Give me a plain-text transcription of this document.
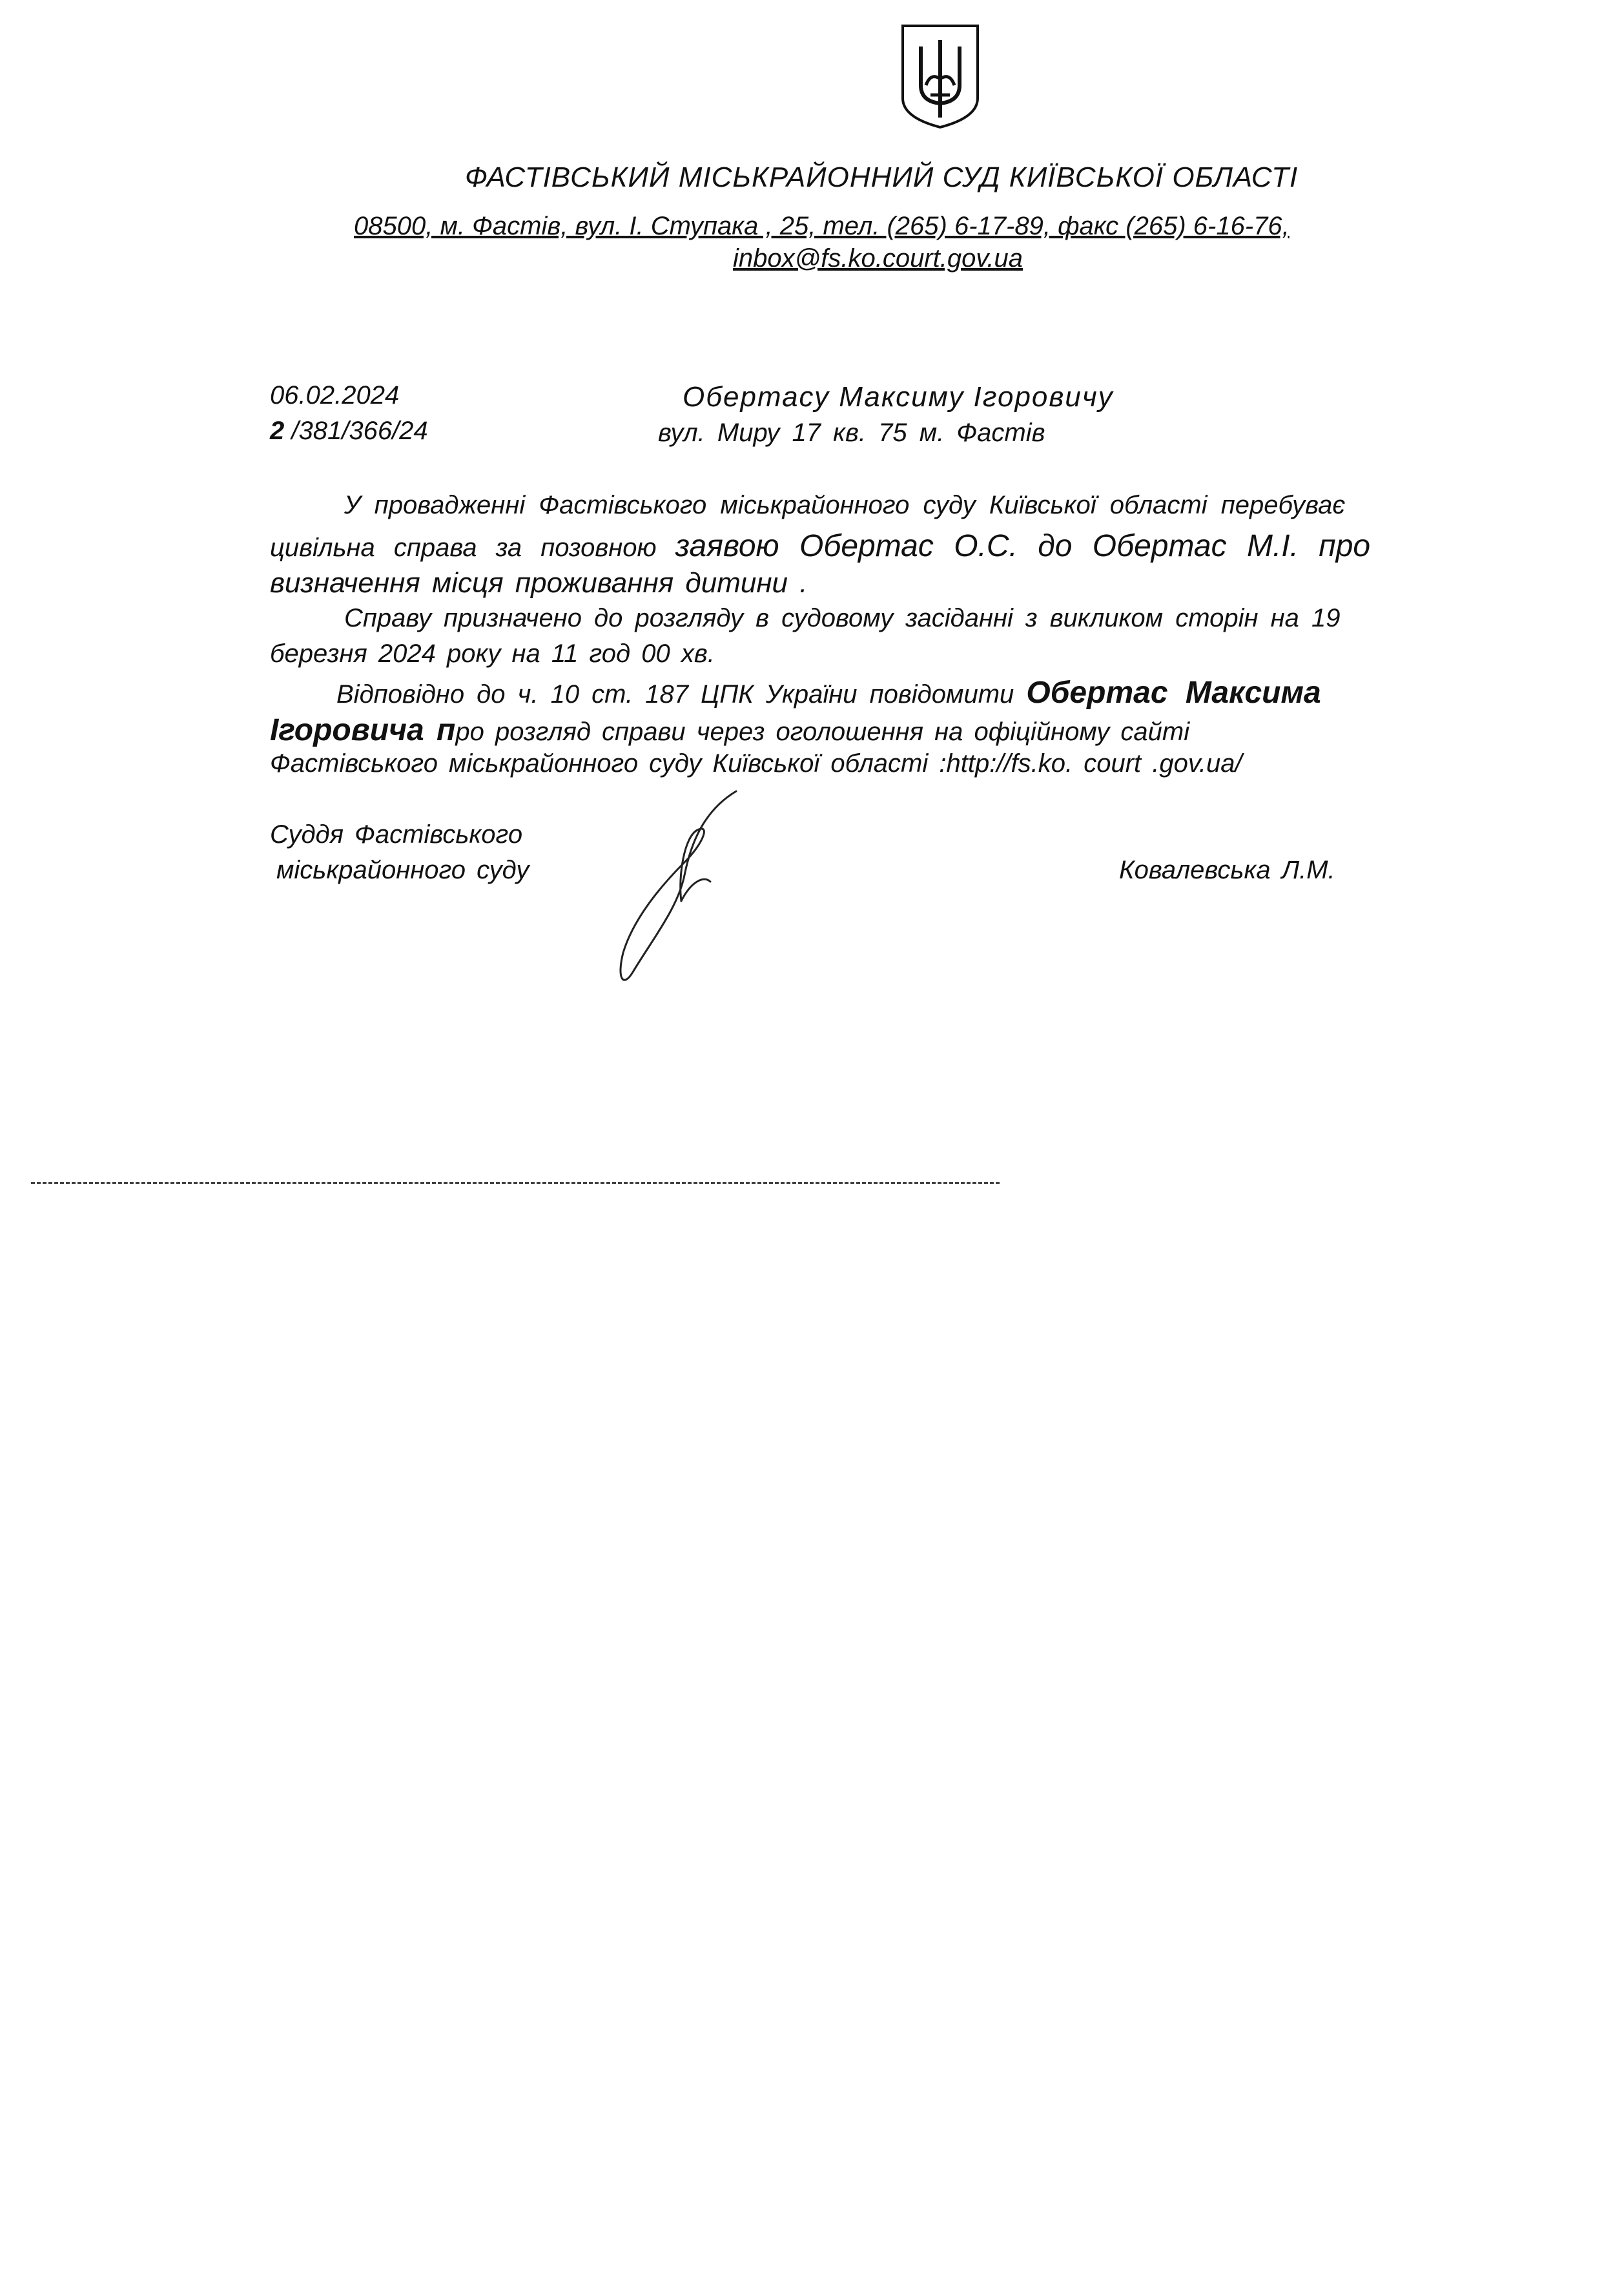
ФАСТІВСЬКИЙ МІСЬКРАЙОННИЙ СУД КИЇВСЬКОЇ ОБЛАСТІ
08500, м. Фастів, вул. І. Ступака , 25, тел. (265) 6-17-89, факс (265) 6-16-76,
inbox@fs.ko.court.gov.ua
06.02.2024
2 /381/366/24
Обертасу Максиму Ігоровичу
вул. Миру 17 кв. 75 м. Фастів
У провадженні Фастівського міськрайонного суду Київської області перебуває
цивільна справа за позовною заявою Обертас О.С. до Обертас М.І. про
визначення місця проживання дитини .
Справу призначено до розгляду в судовому засіданні з викликом сторін на 19
березня 2024 року на 11 год 00 хв.
Відповідно до ч. 10 ст. 187 ЦПК України повідомити Обертас Максима
Ігоровича про розгляд справи через оголошення на офіційному сайті
Фастівського міськрайонного суду Київської області :http://fs.ko. court .gov.ua/
Суддя Фастівського
міськрайонного суду	Ковалевська Л.М.
